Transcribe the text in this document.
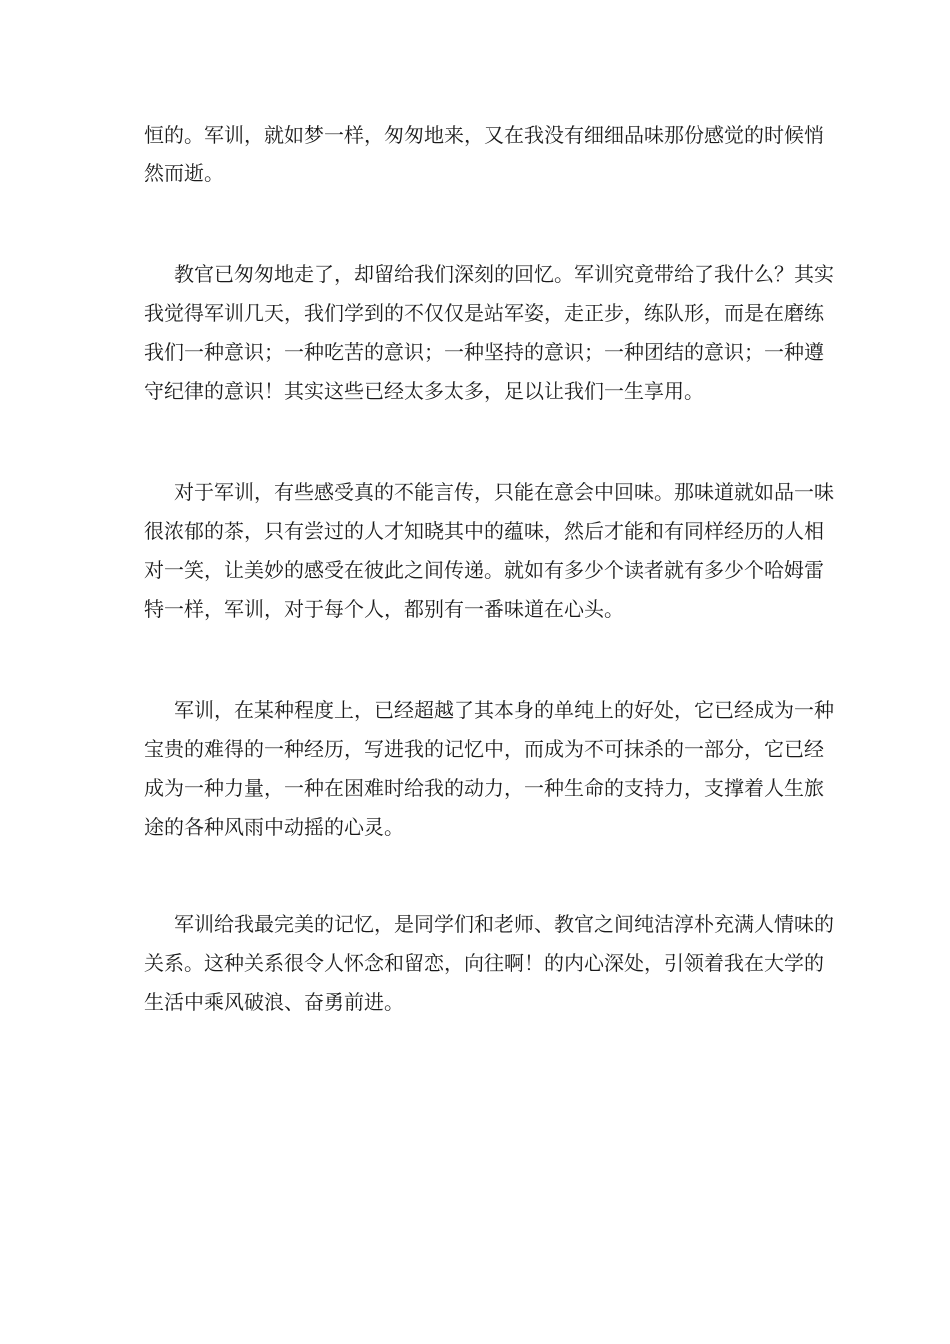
恒的。军训，就如梦一样，匆匆地来，又在我没有细细品味那份感觉的时候悄
然而逝。
教官已匆匆地走了，却留给我们深刻的回忆。军训究竟带给了我什么？其实
我觉得军训几天，我们学到的不仅仅是站军姿，走正步，练队形，而是在磨练
我们一种意识；一种吃苦的意识；一种坚持的意识；一种团结的意识；一种遵
守纪律的意识！其实这些已经太多太多，足以让我们一生享用。
对于军训，有些感受真的不能言传，只能在意会中回味。那味道就如品一味
很浓郁的茶，只有尝过的人才知晓其中的蕴味，然后才能和有同样经历的人相
对一笑，让美妙的感受在彼此之间传递。就如有多少个读者就有多少个哈姆雷
特一样，军训，对于每个人，都别有一番味道在心头。
军训，在某种程度上，已经超越了其本身的单纯上的好处，它已经成为一种
宝贵的难得的一种经历，写进我的记忆中，而成为不可抹杀的一部分，它已经
成为一种力量，一种在困难时给我的动力，一种生命的支持力，支撑着人生旅
途的各种风雨中动摇的心灵。
军训给我最完美的记忆，是同学们和老师、教官之间纯洁淳朴充满人情味的
关系。这种关系很令人怀念和留恋，向往啊！的内心深处，引领着我在大学的
生活中乘风破浪、奋勇前进。
